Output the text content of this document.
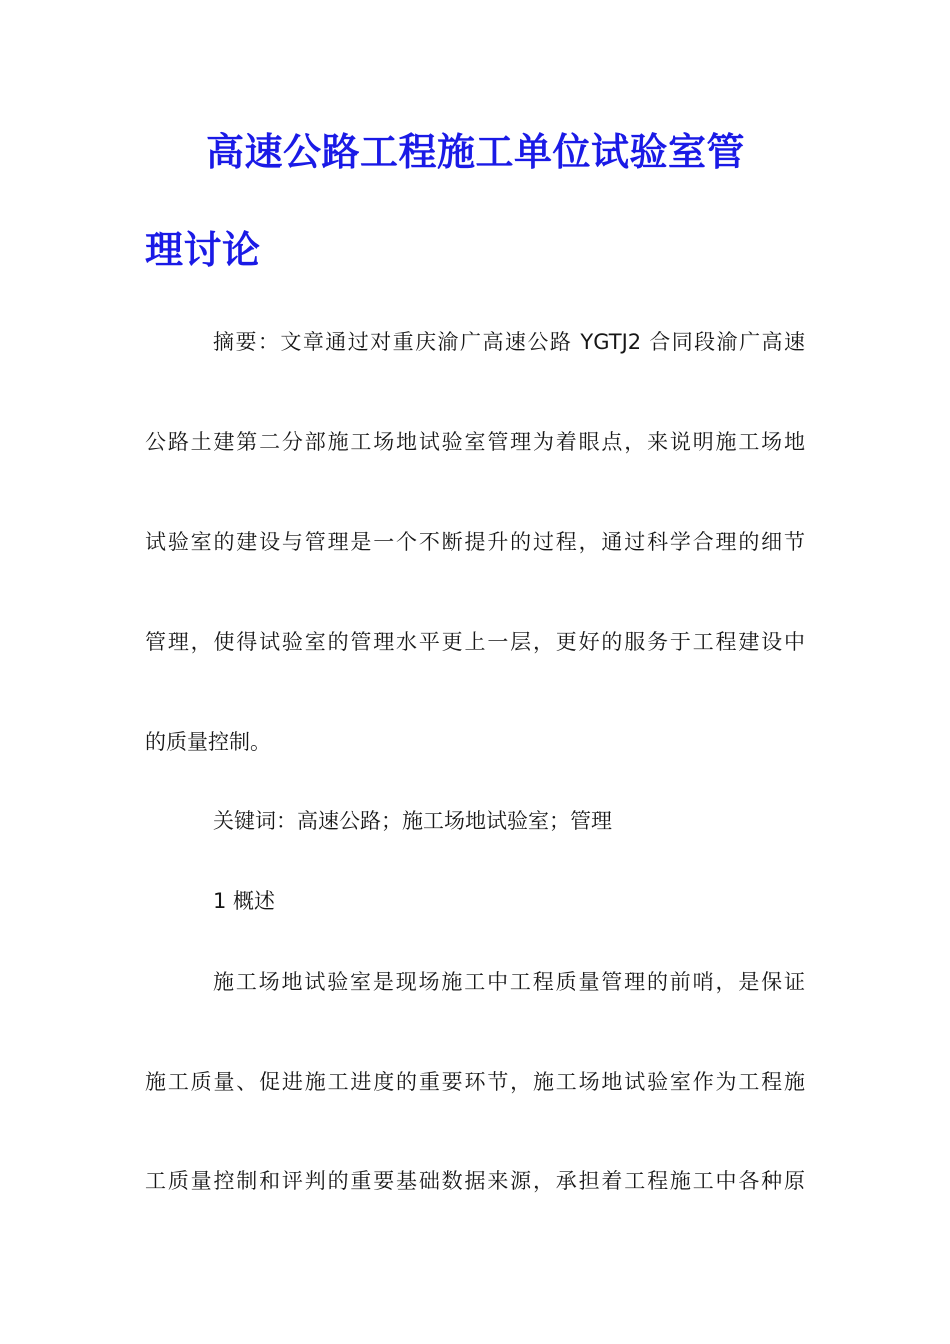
高速公路工程施工单位试验室管
理讨论
摘要：文章通过对重庆渝广高速公路 YGTJ2 合同段渝广高速
公路土建第二分部施工场地试验室管理为着眼点，来说明施工场地
试验室的建设与管理是一个不断提升的过程，通过科学合理的细节
管理，使得试验室的管理水平更上一层，更好的服务于工程建设中
的质量控制。
关键词：高速公路；施工场地试验室；管理
1 概述
施工场地试验室是现场施工中工程质量管理的前哨，是保证
施工质量、促进施工进度的重要环节，施工场地试验室作为工程施
工质量控制和评判的重要基础数据来源，承担着工程施工中各种原
